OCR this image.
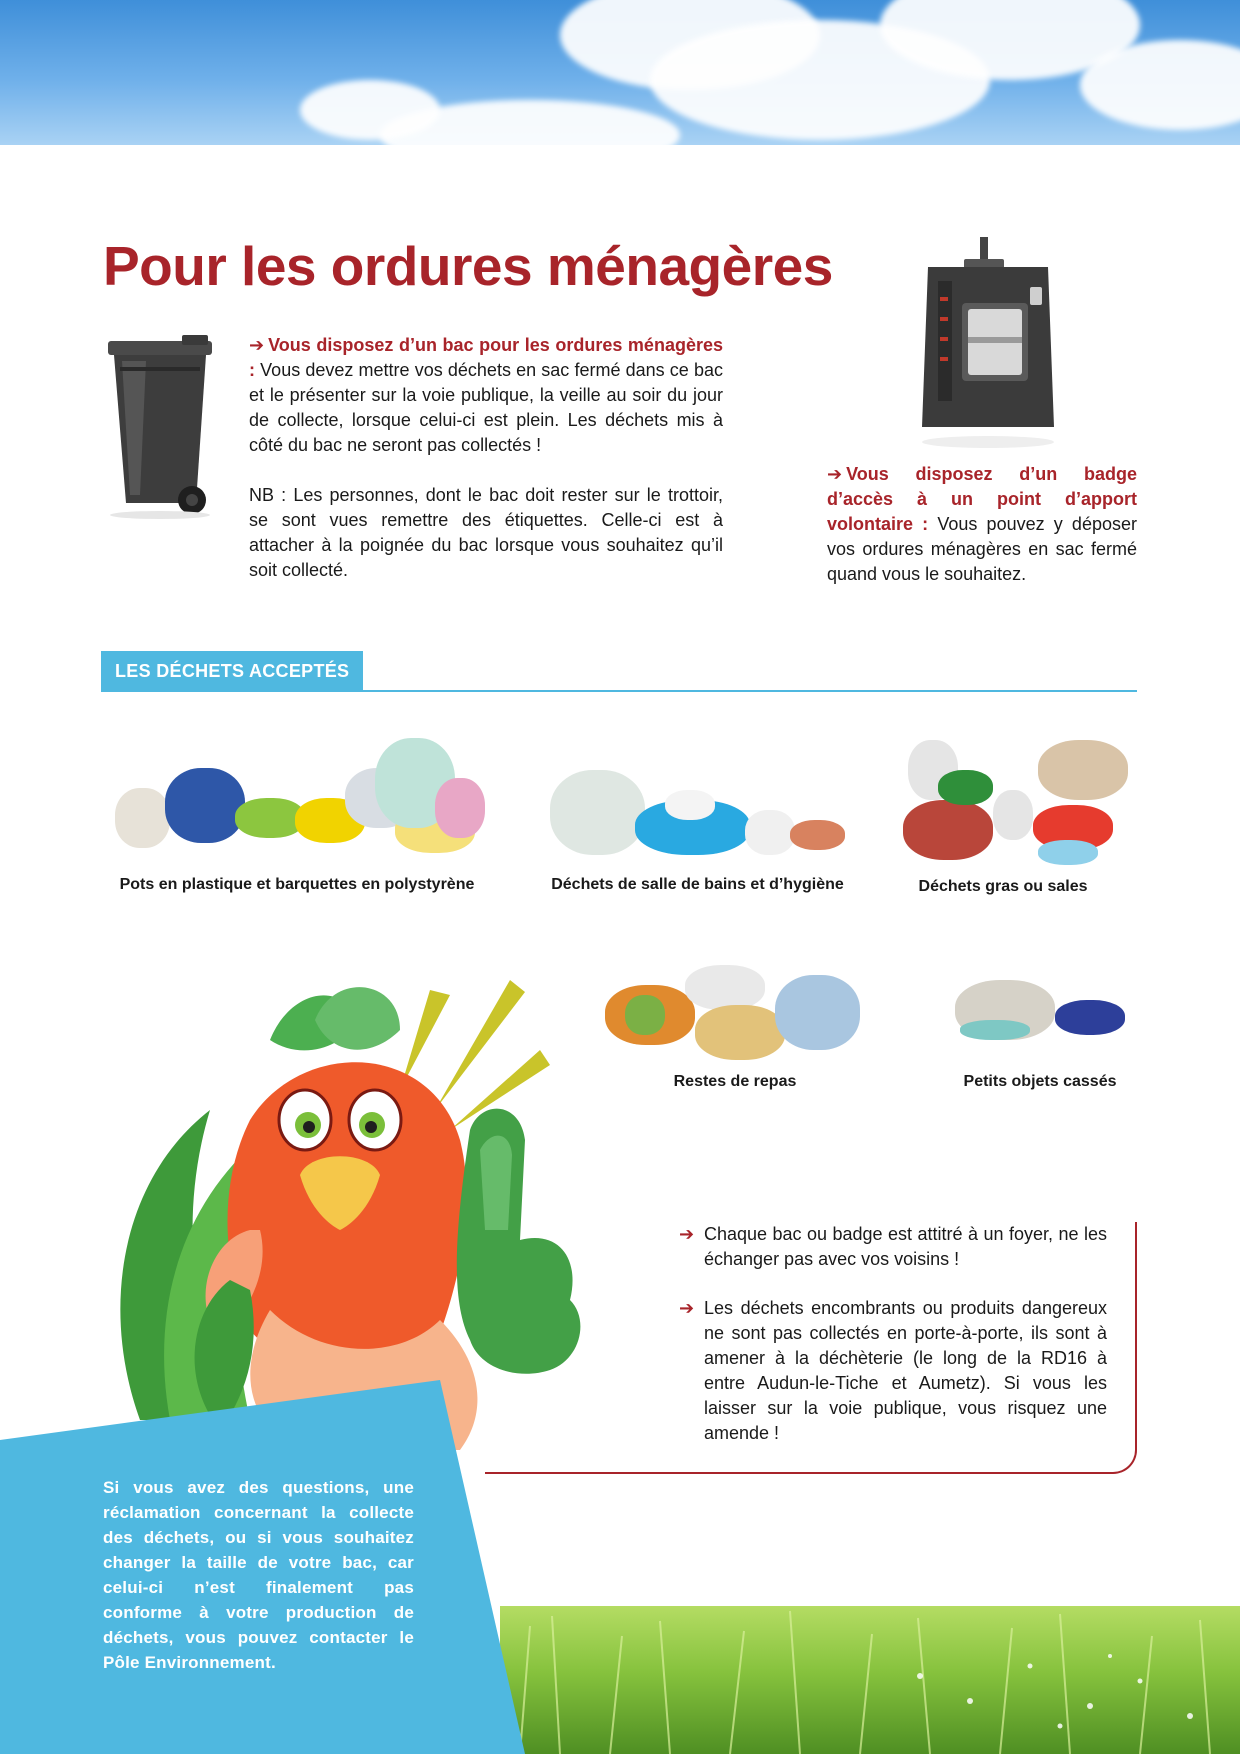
Pour les ordures ménagères

➔ Vous disposez d’un bac pour les ordures ménagères : Vous devez mettre vos déchets en sac fermé dans ce bac et le présenter sur la voie publique, la veille au soir du jour de collecte, lorsque celui-ci est plein. Les déchets mis à côté du bac ne seront pas collectés !

NB : Les personnes, dont le bac doit rester sur le trottoir, se sont vues remettre des étiquettes. Celle-ci est à attacher à la poignée du bac lorsque vous souhaitez qu’il soit collecté.

➔ Vous disposez d’un badge d’accès à un point d’apport volontaire : Vous pouvez y déposer vos ordures ménagères en sac fermé quand vous le souhaitez.

LES DÉCHETS ACCEPTÉS
Pots en plastique et barquettes en polystyrène	Déchets de salle de bains et d’hygiène	Déchets gras ou sales
Restes de repas	Petits objets cassés

➔ Chaque bac ou badge est attitré à un foyer, ne les échanger pas avec vos voisins !

➔ Les déchets encombrants ou produits dangereux ne sont pas collectés en porte-à-porte, ils sont à amener à la déchèterie (le long de la RD16 à entre Audun-le-Tiche et Aumetz). Si vous les laisser sur la voie publique, vous risquez une amende !

Si vous avez des questions, une réclamation concernant la collecte des déchets, ou si vous souhaitez changer la taille de votre bac, car celui-ci n’est finalement pas conforme à votre production de déchets, vous pouvez contacter le Pôle Environnement.
